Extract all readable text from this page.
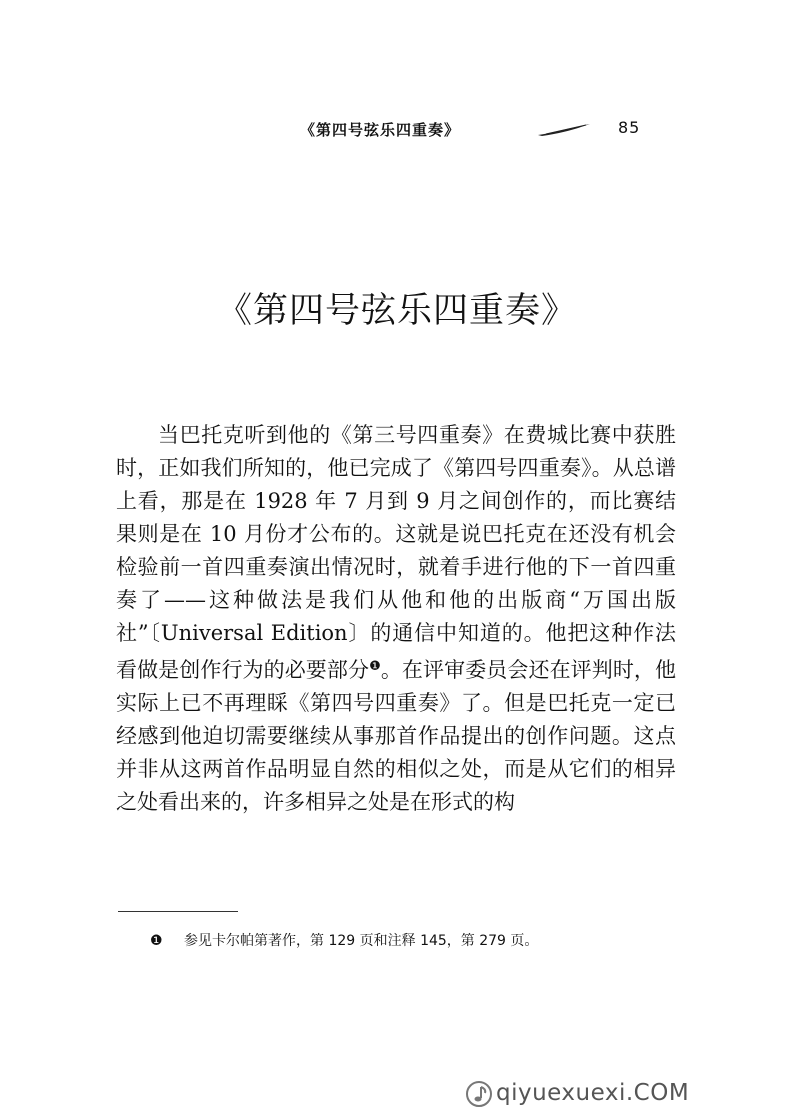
《第四号弦乐四重奏》	85
《第四号弦乐四重奏》

当巴托克听到他的《第三号四重奏》在费城比赛中获胜时，正如我们所知的，他已完成了《第四号四重奏》。从总谱上看，那是在 1928 年 7 月到 9 月之间创作的，而比赛结果则是在 10 月份才公布的。这就是说巴托克在还没有机会检验前一首四重奏演出情况时，就着手进行他的下一首四重奏了——这种做法是我们从他和他的出版商“万国出版社”〔Universal Edition〕的通信中知道的。他把这种作法看做是创作行为的必要部分$^❶$。在评审委员会还在评判时，他实际上已不再理睬《第四号四重奏》了。但是巴托克一定已经感到他迫切需要继续从事那首作品提出的创作问题。这点并非从这两首作品明显自然的相似之处，而是从它们的相异之处看出来的，许多相异之处是在形式的构

❶ 参见卡尔帕第著作，第 129 页和注释 145，第 279 页。
qiyuexuexi.COM
